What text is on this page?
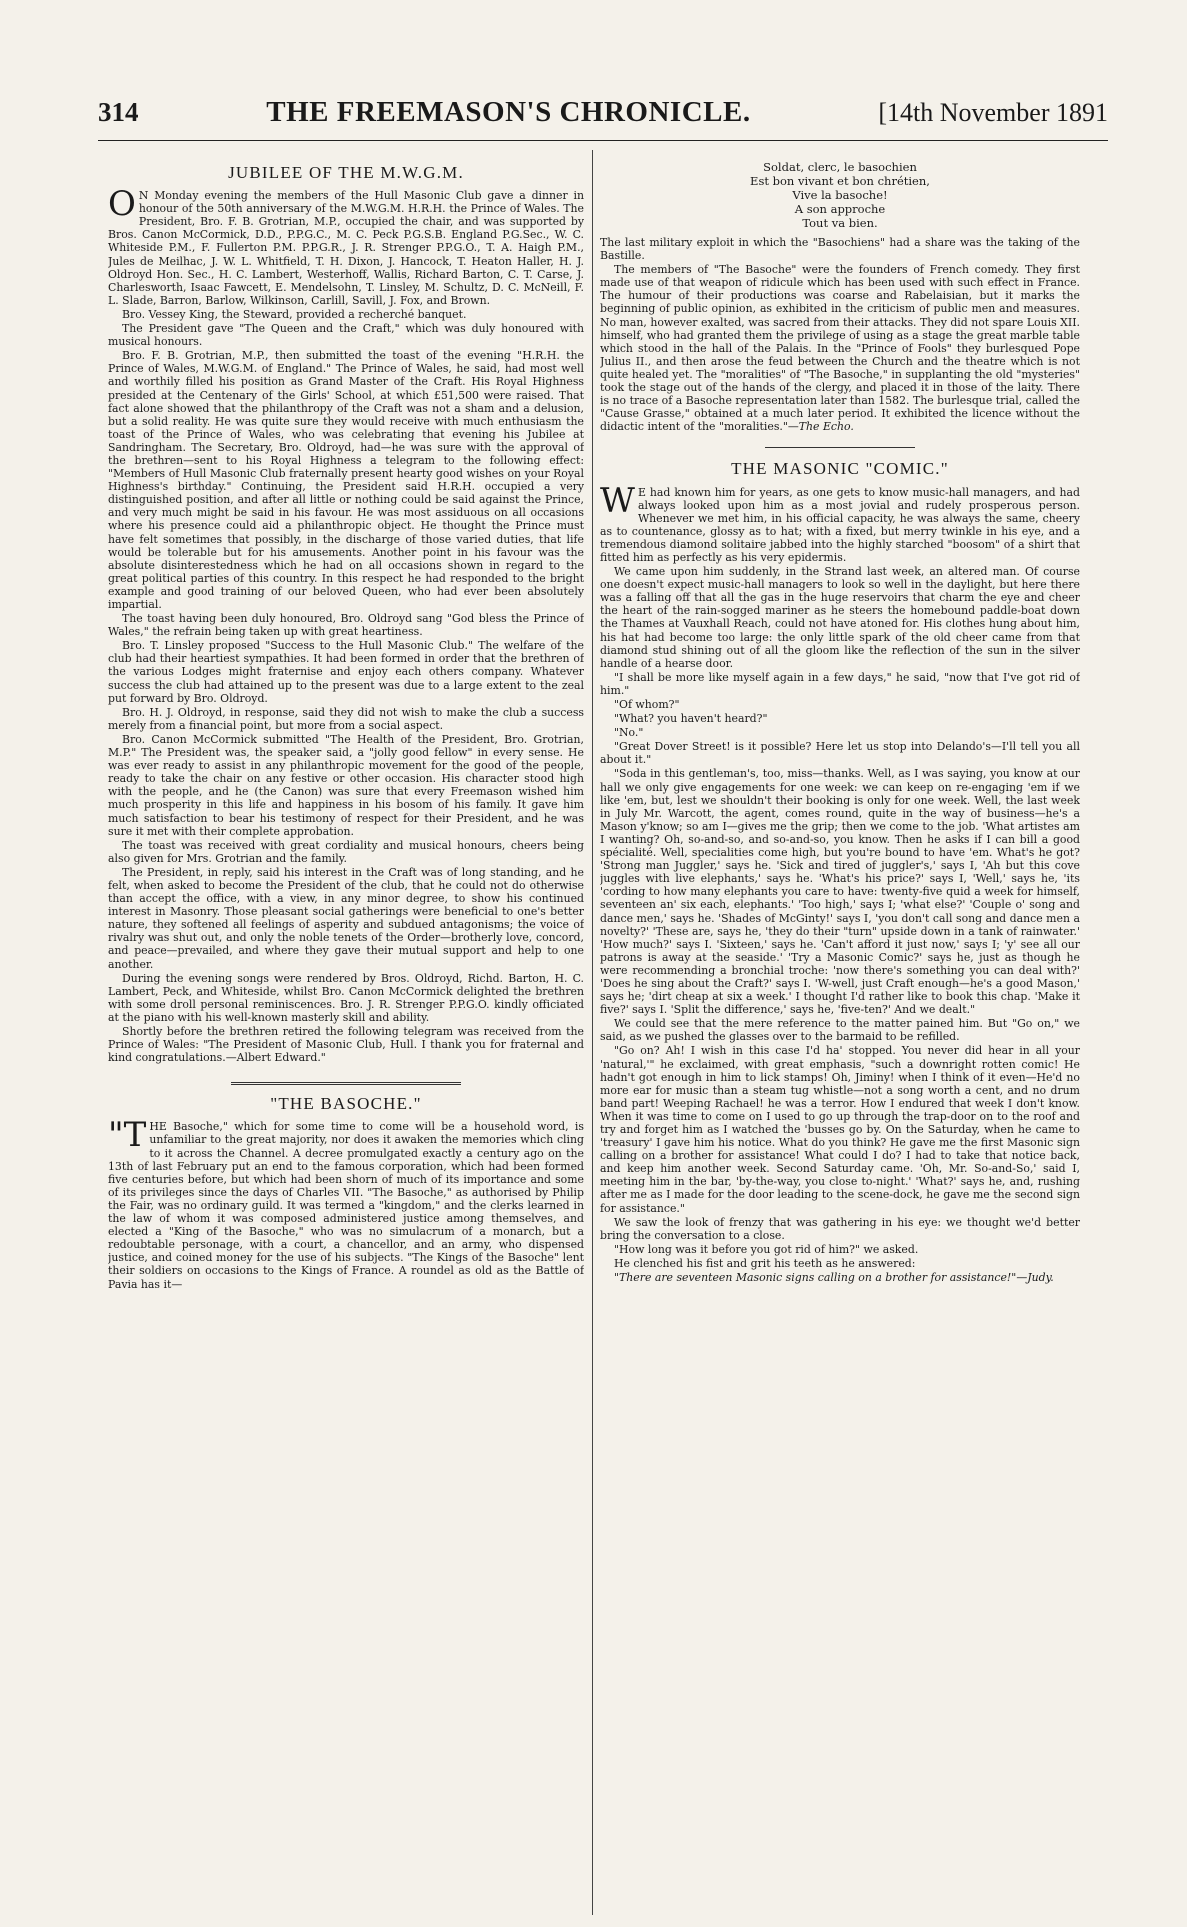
314	THE FREEMASON'S CHRONICLE.	[14th November 1891
JUBILEE OF THE M.W.G.M.

O N Monday evening the members of the Hull Masonic Club gave a dinner in honour of the 50th anniversary of the M.W.G.M. H.R.H. the Prince of Wales. The President, Bro. F. B. Grotrian, M.P., occupied the chair, and was supported by Bros. Canon McCormick, D.D., P.P.G.C., M. C. Peck P.G.S.B. England P.G.Sec., W. C. Whiteside P.M., F. Fullerton P.M. P.P.G.R., J. R. Strenger P.P.G.O., T. A. Haigh P.M., Jules de Meilhac, J. W. L. Whitfield, T. H. Dixon, J. Hancock, T. Heaton Haller, H. J. Oldroyd Hon. Sec., H. C. Lambert, Westerhoff, Wallis, Richard Barton, C. T. Carse, J. Charlesworth, Isaac Fawcett, E. Mendelsohn, T. Linsley, M. Schultz, D. C. McNeill, F. L. Slade, Barron, Barlow, Wilkinson, Carlill, Savill, J. Fox, and Brown.

Bro. Vessey King, the Steward, provided a recherché banquet.

The President gave "The Queen and the Craft," which was duly honoured with musical honours.

Bro. F. B. Grotrian, M.P., then submitted the toast of the evening "H.R.H. the Prince of Wales, M.W.G.M. of England." The Prince of Wales, he said, had most well and worthily filled his position as Grand Master of the Craft. His Royal Highness presided at the Centenary of the Girls' School, at which £51,500 were raised. That fact alone showed that the philanthropy of the Craft was not a sham and a delusion, but a solid reality. He was quite sure they would receive with much enthusiasm the toast of the Prince of Wales, who was celebrating that evening his Jubilee at Sandringham. The Secretary, Bro. Oldroyd, had—he was sure with the approval of the brethren—sent to his Royal Highness a telegram to the following effect: "Members of Hull Masonic Club fraternally present hearty good wishes on your Royal Highness's birthday." Continuing, the President said H.R.H. occupied a very distinguished position, and after all little or nothing could be said against the Prince, and very much might be said in his favour. He was most assiduous on all occasions where his presence could aid a philanthropic object. He thought the Prince must have felt sometimes that possibly, in the discharge of those varied duties, that life would be tolerable but for his amusements. Another point in his favour was the absolute disinterestedness which he had on all occasions shown in regard to the great political parties of this country. In this respect he had responded to the bright example and good training of our beloved Queen, who had ever been absolutely impartial.

The toast having been duly honoured, Bro. Oldroyd sang "God bless the Prince of Wales," the refrain being taken up with great heartiness.

Bro. T. Linsley proposed "Success to the Hull Masonic Club." The welfare of the club had their heartiest sympathies. It had been formed in order that the brethren of the various Lodges might fraternise and enjoy each others company. Whatever success the club had attained up to the present was due to a large extent to the zeal put forward by Bro. Oldroyd.

Bro. H. J. Oldroyd, in response, said they did not wish to make the club a success merely from a financial point, but more from a social aspect.

Bro. Canon McCormick submitted "The Health of the President, Bro. Grotrian, M.P." The President was, the speaker said, a "jolly good fellow" in every sense. He was ever ready to assist in any philanthropic movement for the good of the people, ready to take the chair on any festive or other occasion. His character stood high with the people, and he (the Canon) was sure that every Freemason wished him much prosperity in this life and happiness in his bosom of his family. It gave him much satisfaction to bear his testimony of respect for their President, and he was sure it met with their complete approbation.

The toast was received with great cordiality and musical honours, cheers being also given for Mrs. Grotrian and the family.

The President, in reply, said his interest in the Craft was of long standing, and he felt, when asked to become the President of the club, that he could not do otherwise than accept the office, with a view, in any minor degree, to show his continued interest in Masonry. Those pleasant social gatherings were beneficial to one's better nature, they softened all feelings of asperity and subdued antagonisms; the voice of rivalry was shut out, and only the noble tenets of the Order—brotherly love, concord, and peace—prevailed, and where they gave their mutual support and help to one another.

During the evening songs were rendered by Bros. Oldroyd, Richd. Barton, H. C. Lambert, Peck, and Whiteside, whilst Bro. Canon McCormick delighted the brethren with some droll personal reminiscences. Bro. J. R. Strenger P.P.G.O. kindly officiated at the piano with his well-known masterly skill and ability.

Shortly before the brethren retired the following telegram was received from the Prince of Wales: "The President of Masonic Club, Hull. I thank you for fraternal and kind congratulations.—Albert Edward."

"THE BASOCHE."

"THE Basoche," which for some time to come will be a household word, is unfamiliar to the great majority, nor does it awaken the memories which cling to it across the Channel. A decree promulgated exactly a century ago on the 13th of last February put an end to the famous corporation, which had been formed five centuries before, but which had been shorn of much of its importance and some of its privileges since the days of Charles VII. "The Basoche," as authorised by Philip the Fair, was no ordinary guild. It was termed a "kingdom," and the clerks learned in the law of whom it was composed administered justice among themselves, and elected a "King of the Basoche," who was no simulacrum of a monarch, but a redoubtable personage, with a court, a chancellor, and an army, who dispensed justice, and coined money for the use of his subjects. "The Kings of the Basoche" lent their soldiers on occasions to the Kings of France. A roundel as old as the Battle of Pavia has it—

Soldat, clerc, le basochien
Est bon vivant et bon chrétien,
Vive la basoche!
A son approche
Tout va bien.

The last military exploit in which the "Basochiens" had a share was the taking of the Bastille.

The members of "The Basoche" were the founders of French comedy. They first made use of that weapon of ridicule which has been used with such effect in France. The humour of their productions was coarse and Rabelaisian, but it marks the beginning of public opinion, as exhibited in the criticism of public men and measures. No man, however exalted, was sacred from their attacks. They did not spare Louis XII. himself, who had granted them the privilege of using as a stage the great marble table which stood in the hall of the Palais. In the "Prince of Fools" they burlesqued Pope Julius II., and then arose the feud between the Church and the theatre which is not quite healed yet. The "moralities" of "The Basoche," in supplanting the old "mysteries" took the stage out of the hands of the clergy, and placed it in those of the laity. There is no trace of a Basoche representation later than 1582. The burlesque trial, called the "Cause Grasse," obtained at a much later period. It exhibited the licence without the didactic intent of the "moralities."—The Echo.

THE MASONIC "COMIC."

W E had known him for years, as one gets to know music-hall managers, and had always looked upon him as a most jovial and rudely prosperous person. Whenever we met him, in his official capacity, he was always the same, cheery as to countenance, glossy as to hat; with a fixed, but merry twinkle in his eye, and a tremendous diamond solitaire jabbed into the highly starched "boosom" of a shirt that fitted him as perfectly as his very epidermis.

We came upon him suddenly, in the Strand last week, an altered man. Of course one doesn't expect music-hall managers to look so well in the daylight, but here there was a falling off that all the gas in the huge reservoirs that charm the eye and cheer the heart of the rain-sogged mariner as he steers the homebound paddle-boat down the Thames at Vauxhall Reach, could not have atoned for. His clothes hung about him, his hat had become too large: the only little spark of the old cheer came from that diamond stud shining out of all the gloom like the reflection of the sun in the silver handle of a hearse door.

"I shall be more like myself again in a few days," he said, "now that I've got rid of him."

"Of whom?"

"What? you haven't heard?"

"No."

"Great Dover Street! is it possible? Here let us stop into Delando's—I'll tell you all about it."

"Soda in this gentleman's, too, miss—thanks. Well, as I was saying, you know at our hall we only give engagements for one week: we can keep on re-engaging 'em if we like 'em, but, lest we shouldn't their booking is only for one week. Well, the last week in July Mr. Warcott, the agent, comes round, quite in the way of business—he's a Mason y'know; so am I—gives me the grip; then we come to the job. 'What artistes am I wanting? Oh, so-and-so, and so-and-so, you know. Then he asks if I can bill a good spécialité. Well, specialities come high, but you're bound to have 'em. What's he got? 'Strong man Juggler,' says he. 'Sick and tired of juggler's,' says I, 'Ah but this cove juggles with live elephants,' says he. 'What's his price?' says I, 'Well,' says he, 'its 'cording to how many elephants you care to have: twenty-five quid a week for himself, seventeen an' six each, elephants.' 'Too high,' says I; 'what else?' 'Couple o' song and dance men,' says he. 'Shades of McGinty!' says I, 'you don't call song and dance men a novelty?' 'These are, says he, 'they do their "turn" upside down in a tank of rainwater.' 'How much?' says I. 'Sixteen,' says he. 'Can't afford it just now,' says I; 'y' see all our patrons is away at the seaside.' 'Try a Masonic Comic?' says he, just as though he were recommending a bronchial troche: 'now there's something you can deal with?' 'Does he sing about the Craft?' says I. 'W-well, just Craft enough—he's a good Mason,' says he; 'dirt cheap at six a week.' I thought I'd rather like to book this chap. 'Make it five?' says I. 'Split the difference,' says he, 'five-ten?' And we dealt."

We could see that the mere reference to the matter pained him. But "Go on," we said, as we pushed the glasses over to the barmaid to be refilled.

"Go on? Ah! I wish in this case I'd ha' stopped. You never did hear in all your 'natural,'" he exclaimed, with great emphasis, "such a downright rotten comic! He hadn't got enough in him to lick stamps! Oh, Jiminy! when I think of it even—He'd no more ear for music than a steam tug whistle—not a song worth a cent, and no drum band part! Weeping Rachael! he was a terror. How I endured that week I don't know. When it was time to come on I used to go up through the trap-door on to the roof and try and forget him as I watched the 'busses go by. On the Saturday, when he came to 'treasury' I gave him his notice. What do you think? He gave me the first Masonic sign calling on a brother for assistance! What could I do? I had to take that notice back, and keep him another week. Second Saturday came. 'Oh, Mr. So-and-So,' said I, meeting him in the bar, 'by-the-way, you close to-night.' 'What?' says he, and, rushing after me as I made for the door leading to the scene-dock, he gave me the second sign for assistance."

We saw the look of frenzy that was gathering in his eye: we thought we'd better bring the conversation to a close.

"How long was it before you got rid of him?" we asked.

He clenched his fist and grit his teeth as he answered:

"There are seventeen Masonic signs calling on a brother for assistance!"—Judy.
